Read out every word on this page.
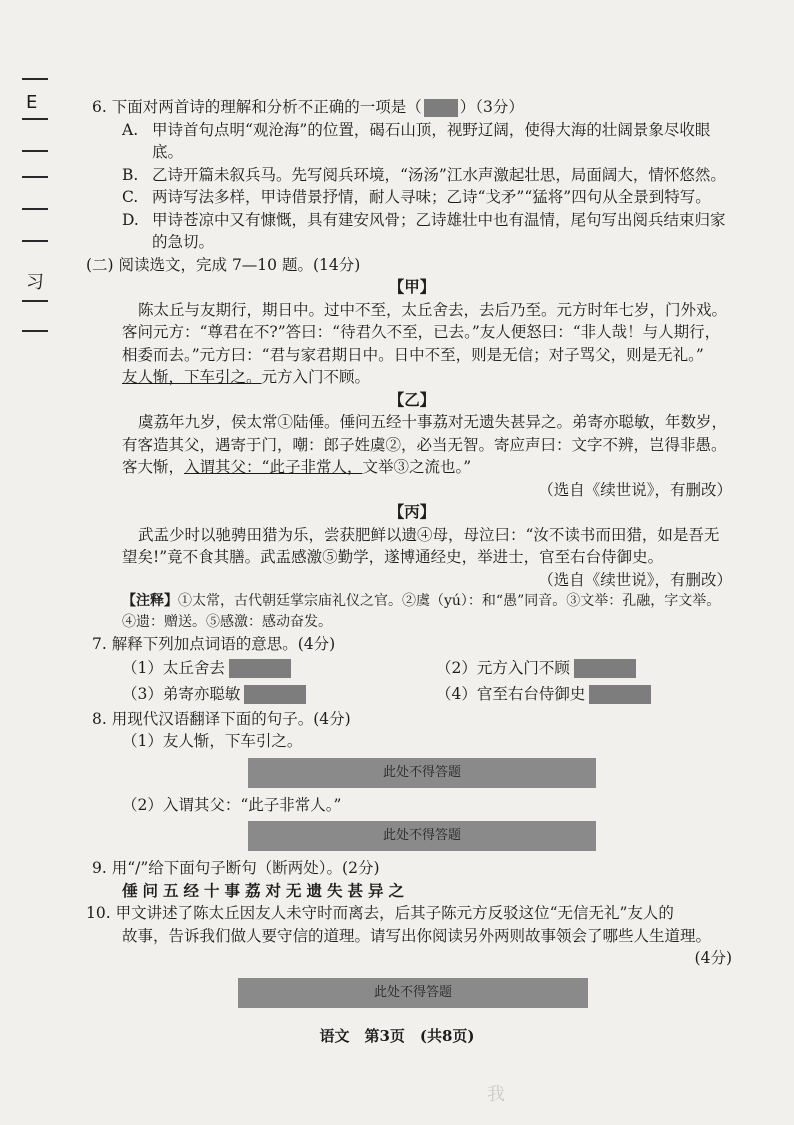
E
习
6. 下面对两首诗的理解和分析不正确的一项是（ ）（3分）
A. 甲诗首句点明“观沧海”的位置，碣石山顶，视野辽阔，使得大海的壮阔景象尽收眼底。
B. 乙诗开篇未叙兵马。先写阅兵环境，“汤汤”江水声激起壮思，局面阔大，情怀悠然。
C. 两诗写法多样，甲诗借景抒情，耐人寻味；乙诗“戈矛”“猛将”四句从全景到特写。
D. 甲诗苍凉中又有慷慨，具有建安风骨；乙诗雄壮中也有温情，尾句写出阅兵结束归家的急切。
(二) 阅读选文，完成 7—10 题。(14分)
【甲】
陈太丘与友期行，期日中。过中不至，太丘舍去，去后乃至。元方时年七岁，门外戏。
客问元方：“尊君在不?”答曰：“待君久不至，已去。”友人便怒曰：“非人哉！与人期行，
相委而去。”元方曰：“君与家君期日中。日中不至，则是无信；对子骂父，则是无礼。”
友人惭，下车引之。元方入门不顾。
【乙】
虞荔年九岁，侯太常①陆倕。倕问五经十事荔对无遗失甚异之。弟寄亦聪敏，年数岁，
有客造其父，遇寄于门，嘲：郎子姓虞②，必当无智。寄应声曰：文字不辨，岂得非愚。
客大惭，入谓其父：“此子非常人，文举③之流也。”
（选自《续世说》，有删改）
【丙】
武盂少时以驰骋田猎为乐，尝获肥鲜以遗④母，母泣曰：“汝不读书而田猎，如是吾无
望矣!”竟不食其膳。武盂感激⑤勤学，遂博通经史，举进士，官至右台侍御史。
（选自《续世说》，有删改）
【注释】①太常，古代朝廷掌宗庙礼仪之官。②虞（yú）：和“愚”同音。③文举：孔融，字文举。
④遗：赠送。⑤感激：感动奋发。
7. 解释下列加点词语的意思。(4分)
（1）太丘舍去	（2）元方入门不顾
（3）弟寄亦聪敏	（4）官至右台侍御史
8. 用现代汉语翻译下面的句子。(4分)
（1）友人惭，下车引之。
此处不得答题
（2）入谓其父：“此子非常人。”
此处不得答题
9. 用“/”给下面句子断句（断两处）。(2分)
倕问五经十事荔对无遗失甚异之
10. 甲文讲述了陈太丘因友人未守时而离去，后其子陈元方反驳这位“无信无礼”友人的
故事，告诉我们做人要守信的道理。请写出你阅读另外两则故事领会了哪些人生道理。
(4分)
此处不得答题
语文　第3页　(共8页)
我
